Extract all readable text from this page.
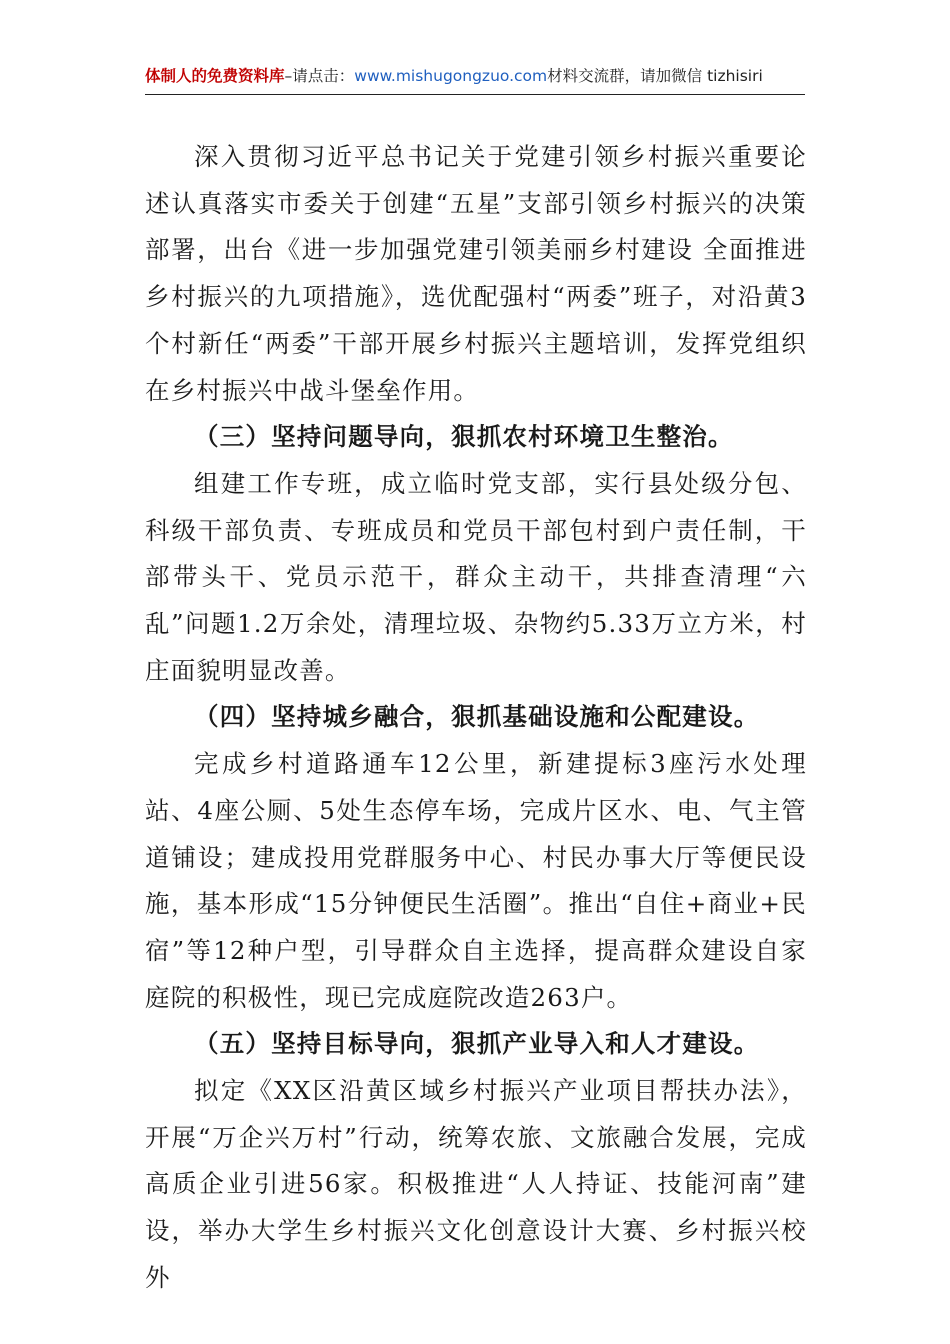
体制人的免费资料库–请点击：www.mishugongzuo.com材料交流群，请加微信 tizhisiri

深入贯彻习近平总书记关于党建引领乡村振兴重要论述认真落实市委关于创建“五星”支部引领乡村振兴的决策部署，出台《进一步加强党建引领美丽乡村建设 全面推进乡村振兴的九项措施》，选优配强村“两委”班子，对沿黄3个村新任“两委”干部开展乡村振兴主题培训，发挥党组织在乡村振兴中战斗堡垒作用。

（三）坚持问题导向，狠抓农村环境卫生整治。

组建工作专班，成立临时党支部，实行县处级分包、科级干部负责、专班成员和党员干部包村到户责任制，干部带头干、党员示范干，群众主动干，共排查清理“六乱”问题1.2万余处，清理垃圾、杂物约5.33万立方米，村庄面貌明显改善。

（四）坚持城乡融合，狠抓基础设施和公配建设。

完成乡村道路通车12公里，新建提标3座污水处理站、4座公厕、5处生态停车场，完成片区水、电、气主管道铺设；建成投用党群服务中心、村民办事大厅等便民设施，基本形成“15分钟便民生活圈”。推出“自住+商业+民宿”等12种户型，引导群众自主选择，提高群众建设自家庭院的积极性，现已完成庭院改造263户。

（五）坚持目标导向，狠抓产业导入和人才建设。

拟定《XX区沿黄区域乡村振兴产业项目帮扶办法》，开展“万企兴万村”行动，统筹农旅、文旅融合发展，完成高质企业引进56家。积极推进“人人持证、技能河南”建设，举办大学生乡村振兴文化创意设计大赛、乡村振兴校外
